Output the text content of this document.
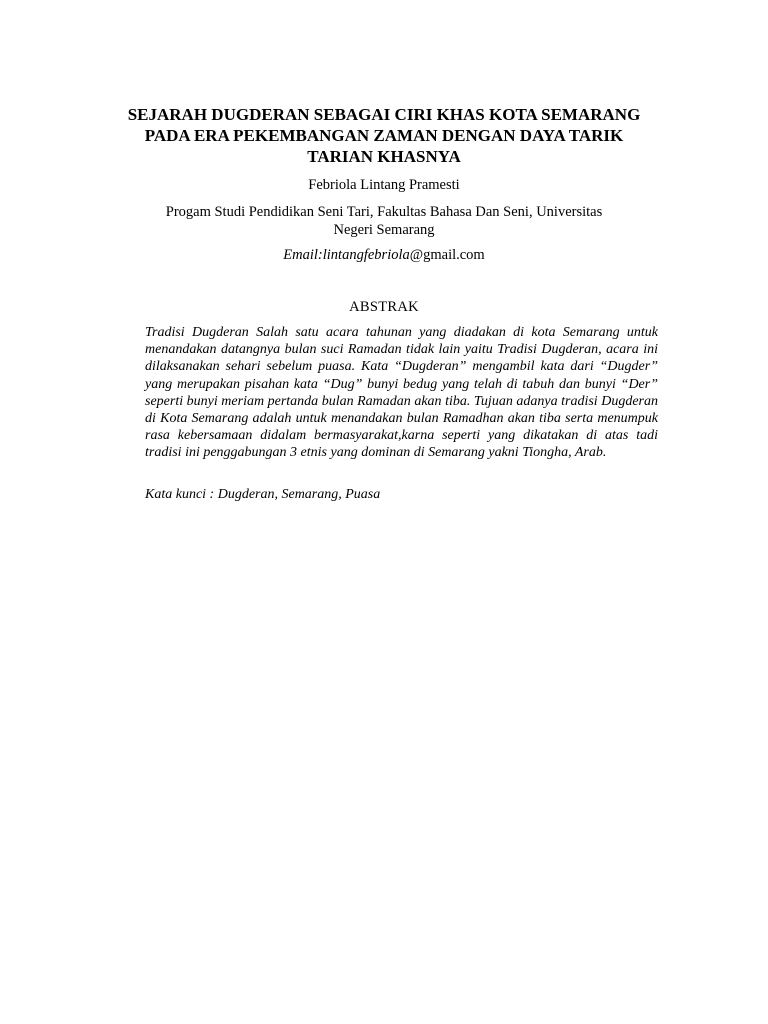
SEJARAH DUGDERAN SEBAGAI CIRI KHAS KOTA SEMARANG PADA ERA PEKEMBANGAN ZAMAN DENGAN DAYA TARIK TARIAN KHASNYA

Febriola Lintang Pramesti

Progam Studi Pendidikan Seni Tari, Fakultas Bahasa Dan Seni, Universitas Negeri Semarang

Email:lintangfebriola@gmail.com

ABSTRAK

Tradisi Dugderan Salah satu acara tahunan yang diadakan di kota Semarang untuk menandakan datangnya bulan suci Ramadan tidak lain yaitu Tradisi Dugderan, acara ini dilaksanakan sehari sebelum puasa. Kata “Dugderan” mengambil kata dari “Dugder” yang merupakan pisahan kata “Dug” bunyi bedug yang telah di tabuh dan bunyi “Der” seperti bunyi meriam pertanda bulan Ramadan akan tiba. Tujuan adanya tradisi Dugderan di Kota Semarang adalah untuk menandakan bulan Ramadhan akan tiba serta menumpuk rasa kebersamaan didalam bermasyarakat,karna seperti yang dikatakan di atas tadi tradisi ini penggabungan 3 etnis yang dominan di Semarang yakni Tiongha, Arab.

Kata kunci : Dugderan, Semarang, Puasa
